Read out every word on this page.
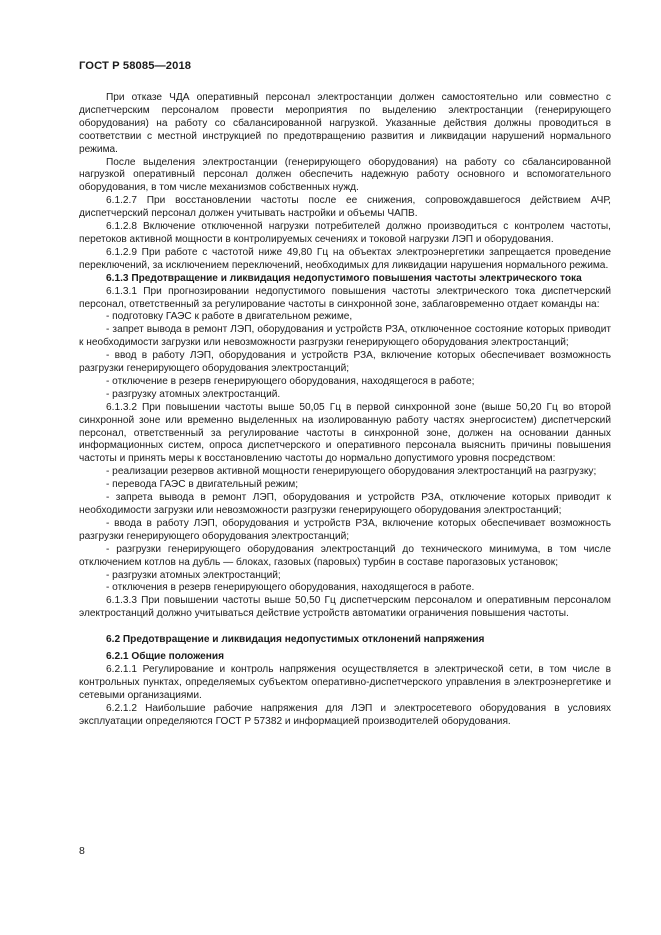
ГОСТ Р 58085—2018

При отказе ЧДА оперативный персонал электростанции должен самостоятельно или совместно с диспетчерским персоналом провести мероприятия по выделению электростанции (генерирующего оборудования) на работу со сбалансированной нагрузкой. Указанные действия должны проводиться в соответствии с местной инструкцией по предотвращению развития и ликвидации нарушений нормального режима.

После выделения электростанции (генерирующего оборудования) на работу со сбалансированной нагрузкой оперативный персонал должен обеспечить надежную работу основного и вспомогательного оборудования, в том числе механизмов собственных нужд.

6.1.2.7 При восстановлении частоты после ее снижения, сопровождавшегося действием АЧР, диспетчерский персонал должен учитывать настройки и объемы ЧАПВ.

6.1.2.8 Включение отключенной нагрузки потребителей должно производиться с контролем частоты, перетоков активной мощности в контролируемых сечениях и токовой нагрузки ЛЭП и оборудования.

6.1.2.9 При работе с частотой ниже 49,80 Гц на объектах электроэнергетики запрещается проведение переключений, за исключением переключений, необходимых для ликвидации нарушения нормального режима.

6.1.3 Предотвращение и ликвидация недопустимого повышения частоты электрического тока

6.1.3.1 При прогнозировании недопустимого повышения частоты электрического тока диспетчерский персонал, ответственный за регулирование частоты в синхронной зоне, заблаговременно отдает команды на:

- подготовку ГАЭС к работе в двигательном режиме,

- запрет вывода в ремонт ЛЭП, оборудования и устройств РЗА, отключенное состояние которых приводит к необходимости загрузки или невозможности разгрузки генерирующего оборудования электростанций;

- ввод в работу ЛЭП, оборудования и устройств РЗА, включение которых обеспечивает возможность разгрузки генерирующего оборудования электростанций;

- отключение в резерв генерирующего оборудования, находящегося в работе;

- разгрузку атомных электростанций.

6.1.3.2 При повышении частоты выше 50,05 Гц в первой синхронной зоне (выше 50,20 Гц во второй синхронной зоне или временно выделенных на изолированную работу частях энергосистем) диспетчерский персонал, ответственный за регулирование частоты в синхронной зоне, должен на основании данных информационных систем, опроса диспетчерского и оперативного персонала выяснить причины повышения частоты и принять меры к восстановлению частоты до нормально допустимого уровня посредством:

- реализации резервов активной мощности генерирующего оборудования электростанций на разгрузку;

- перевода ГАЭС в двигательный режим;

- запрета вывода в ремонт ЛЭП, оборудования и устройств РЗА, отключение которых приводит к необходимости загрузки или невозможности разгрузки генерирующего оборудования электростанций;

- ввода в работу ЛЭП, оборудования и устройств РЗА, включение которых обеспечивает возможность разгрузки генерирующего оборудования электростанций;

- разгрузки генерирующего оборудования электростанций до технического минимума, в том числе отключением котлов на дубль — блоках, газовых (паровых) турбин в составе парогазовых установок;

- разгрузки атомных электростанций;

- отключения в резерв генерирующего оборудования, находящегося в работе.

6.1.3.3 При повышении частоты выше 50,50 Гц диспетчерским персоналом и оперативным персоналом электростанций должно учитываться действие устройств автоматики ограничения повышения частоты.

6.2 Предотвращение и ликвидация недопустимых отклонений напряжения

6.2.1 Общие положения

6.2.1.1 Регулирование и контроль напряжения осуществляется в электрической сети, в том числе в контрольных пунктах, определяемых субъектом оперативно-диспетчерского управления в электроэнергетике и сетевыми организациями.

6.2.1.2 Наибольшие рабочие напряжения для ЛЭП и электросетевого оборудования в условиях эксплуатации определяются ГОСТ Р 57382 и информацией производителей оборудования.

8
